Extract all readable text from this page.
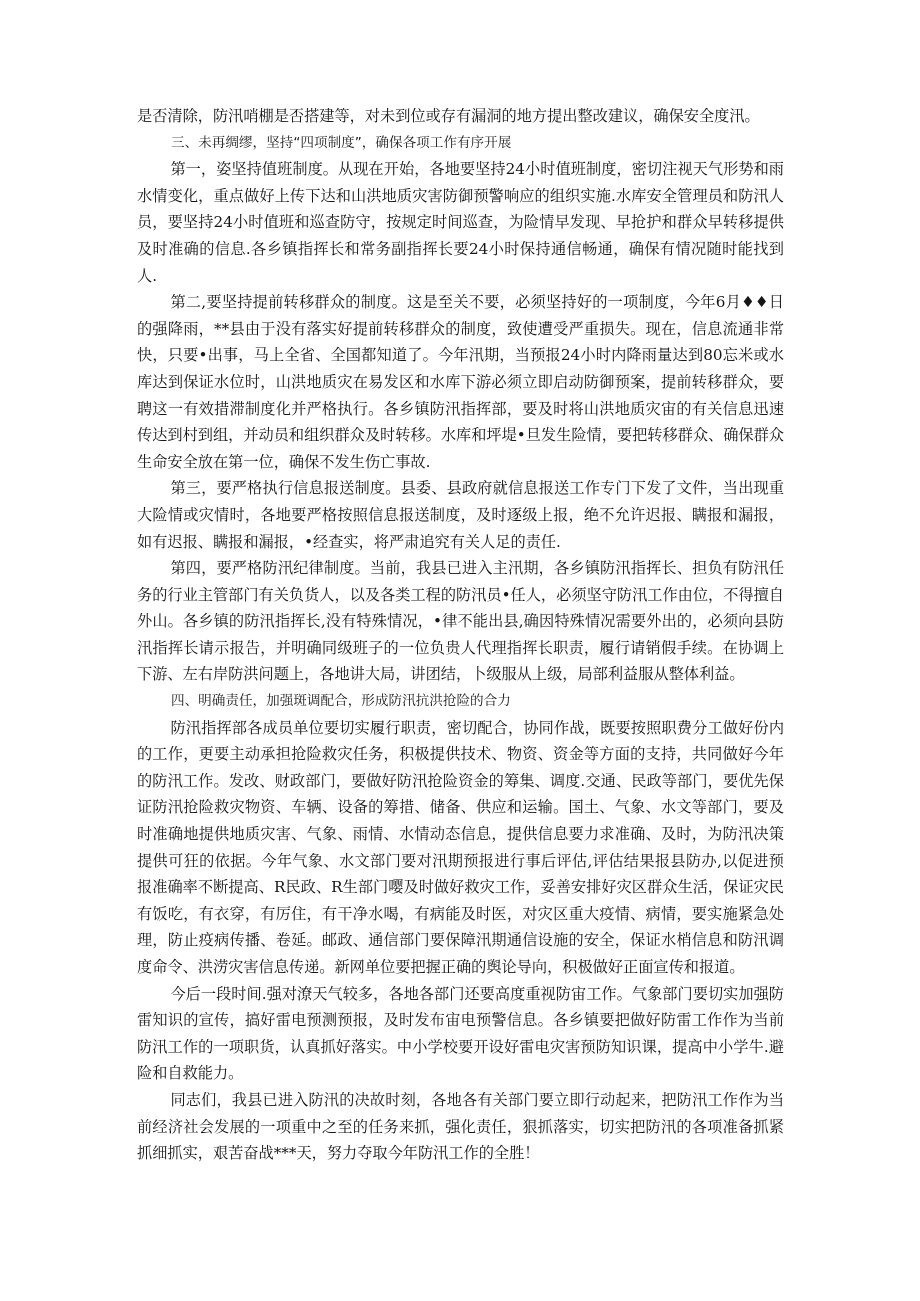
是否清除，防汛哨棚是否搭建等，对未到位或存有漏洞的地方提出整改建议，确保安全度汛。

三、未再绸缪，坚持“四项制度”，确保各项工作有序开展

第一，姿坚持值班制度。从现在开始，各地要坚持24小时值班制度，密切注视天气形势和雨水情变化，重点做好上传下达和山洪地质灾害防御预警响应的组织实施.水库安全管理员和防汛人员，要坚持24小时值班和巡查防守，按规定时间巡查，为险情早发现、早抢护和群众早转移提供及时准确的信息.各乡镇指挥长和常务副指挥长要24小时保持通信畅通，确保有情况随时能找到人.

第二,要坚持提前转移群众的制度。这是至关不要，必须坚持好的一项制度，今年6月♦♦日的强降雨，**县由于没有落实好提前转移群众的制度，致使遭受严重损失。现在，信息流通非常快，只要•出事，马上全省、全国都知道了。今年汛期，当预报24小时内降雨量达到80忘米或水库达到保证水位时，山洪地质灾在易发区和水库下游必须立即启动防御预案，提前转移群众，要聘这一有效措滞制度化并严格执行。各乡镇防汛指挥部，要及时将山洪地质灾宙的有关信息迅速传达到村到组，并动员和组织群众及时转移。水库和坪堤•旦发生险情，要把转移群众、确保群众生命安全放在第一位，确保不发生伤亡事故.

第三，要严格执行信息报送制度。县委、县政府就信息报送工作专门下发了文件，当出现重大险情或灾情时，各地要严格按照信息报送制度，及时逐级上报，绝不允许迟报、瞒报和漏报，如有迟报、瞒报和漏报，•经查实，将严肃追究有关人足的责任.

第四，要严格防汛纪律制度。当前，我县已进入主汛期，各乡镇防汛指挥长、担负有防汛任务的行业主管部门有关负货人，以及各类工程的防汛员•任人，必须坚守防汛工作由位，不得擅自外山。各乡镇的防汛指挥长,没有特殊情况，•律不能出县,确因特殊情况需要外出的，必须向县防汛指挥长请示报告，并明确同级班子的一位负贵人代理指挥长职责，履行请销假手续。在协调上下游、左右岸防洪问题上，各地讲大局，讲团结，卜级服从上级，局部利益服从整体利益。

四、明确责任，加强斑调配合，形成防汛抗洪抢险的合力

防汛指挥部各成员单位要切实履行职责，密切配合，协同作战，既要按照职费分工做好份内的工作，更要主动承担抢险救灾任务，积极提供技术、物资、资金等方面的支持，共同做好今年的防汛工作。发改、财政部门，要做好防汛抢险资金的筹集、调度.交通、民政等部门，要优先保证防汛抢险救灾物资、车辆、设备的筹措、储备、供应和运输。国土、气象、水文等部门，要及时准确地提供地质灾害、气象、雨情、水情动态信息，提供信息要力求准确、及时，为防汛决策提供可狂的依据。今年气象、水文部门要对汛期预报进行事后评估,评估结果报县防办,以促进预报准确率不断提高、R民政、R生部门嘤及时做好救灾工作，妥善安排好灾区群众生活，保证灾民有饭吃，有衣穿，有厉住，有干净水喝，有病能及时医，对灾区重大疫情、病情，要实施紧急处理，防止疫病传播、卷延。邮政、通信部门要保障汛期通信设施的安全，保证水梢信息和防汛调度命令、洪涝灾害信息传递。新网单位要把握正确的舆论导向，积极做好正面宣传和报道。

今后一段时间.强对潦天气较多，各地各部门还要高度重视防宙工作。气象部门要切实加强防雷知识的宣传，搞好雷电预测预报，及时发布宙电预警信息。各乡镇要把做好防雷工作作为当前防汛工作的一项职货，认真抓好落实。中小学校要开设好雷电灾害预防知识课，提高中小学牛.避险和自救能力。

同志们，我县已进入防汛的决故时刻，各地各有关部门要立即行动起来，把防汛工作作为当前经济社会发展的一项重中之至的任务来抓，强化责任，狠抓落实，切实把防汛的各项准备抓紧抓细抓实，艰苦奋战***天，努力夺取今年防汛工作的全胜！
